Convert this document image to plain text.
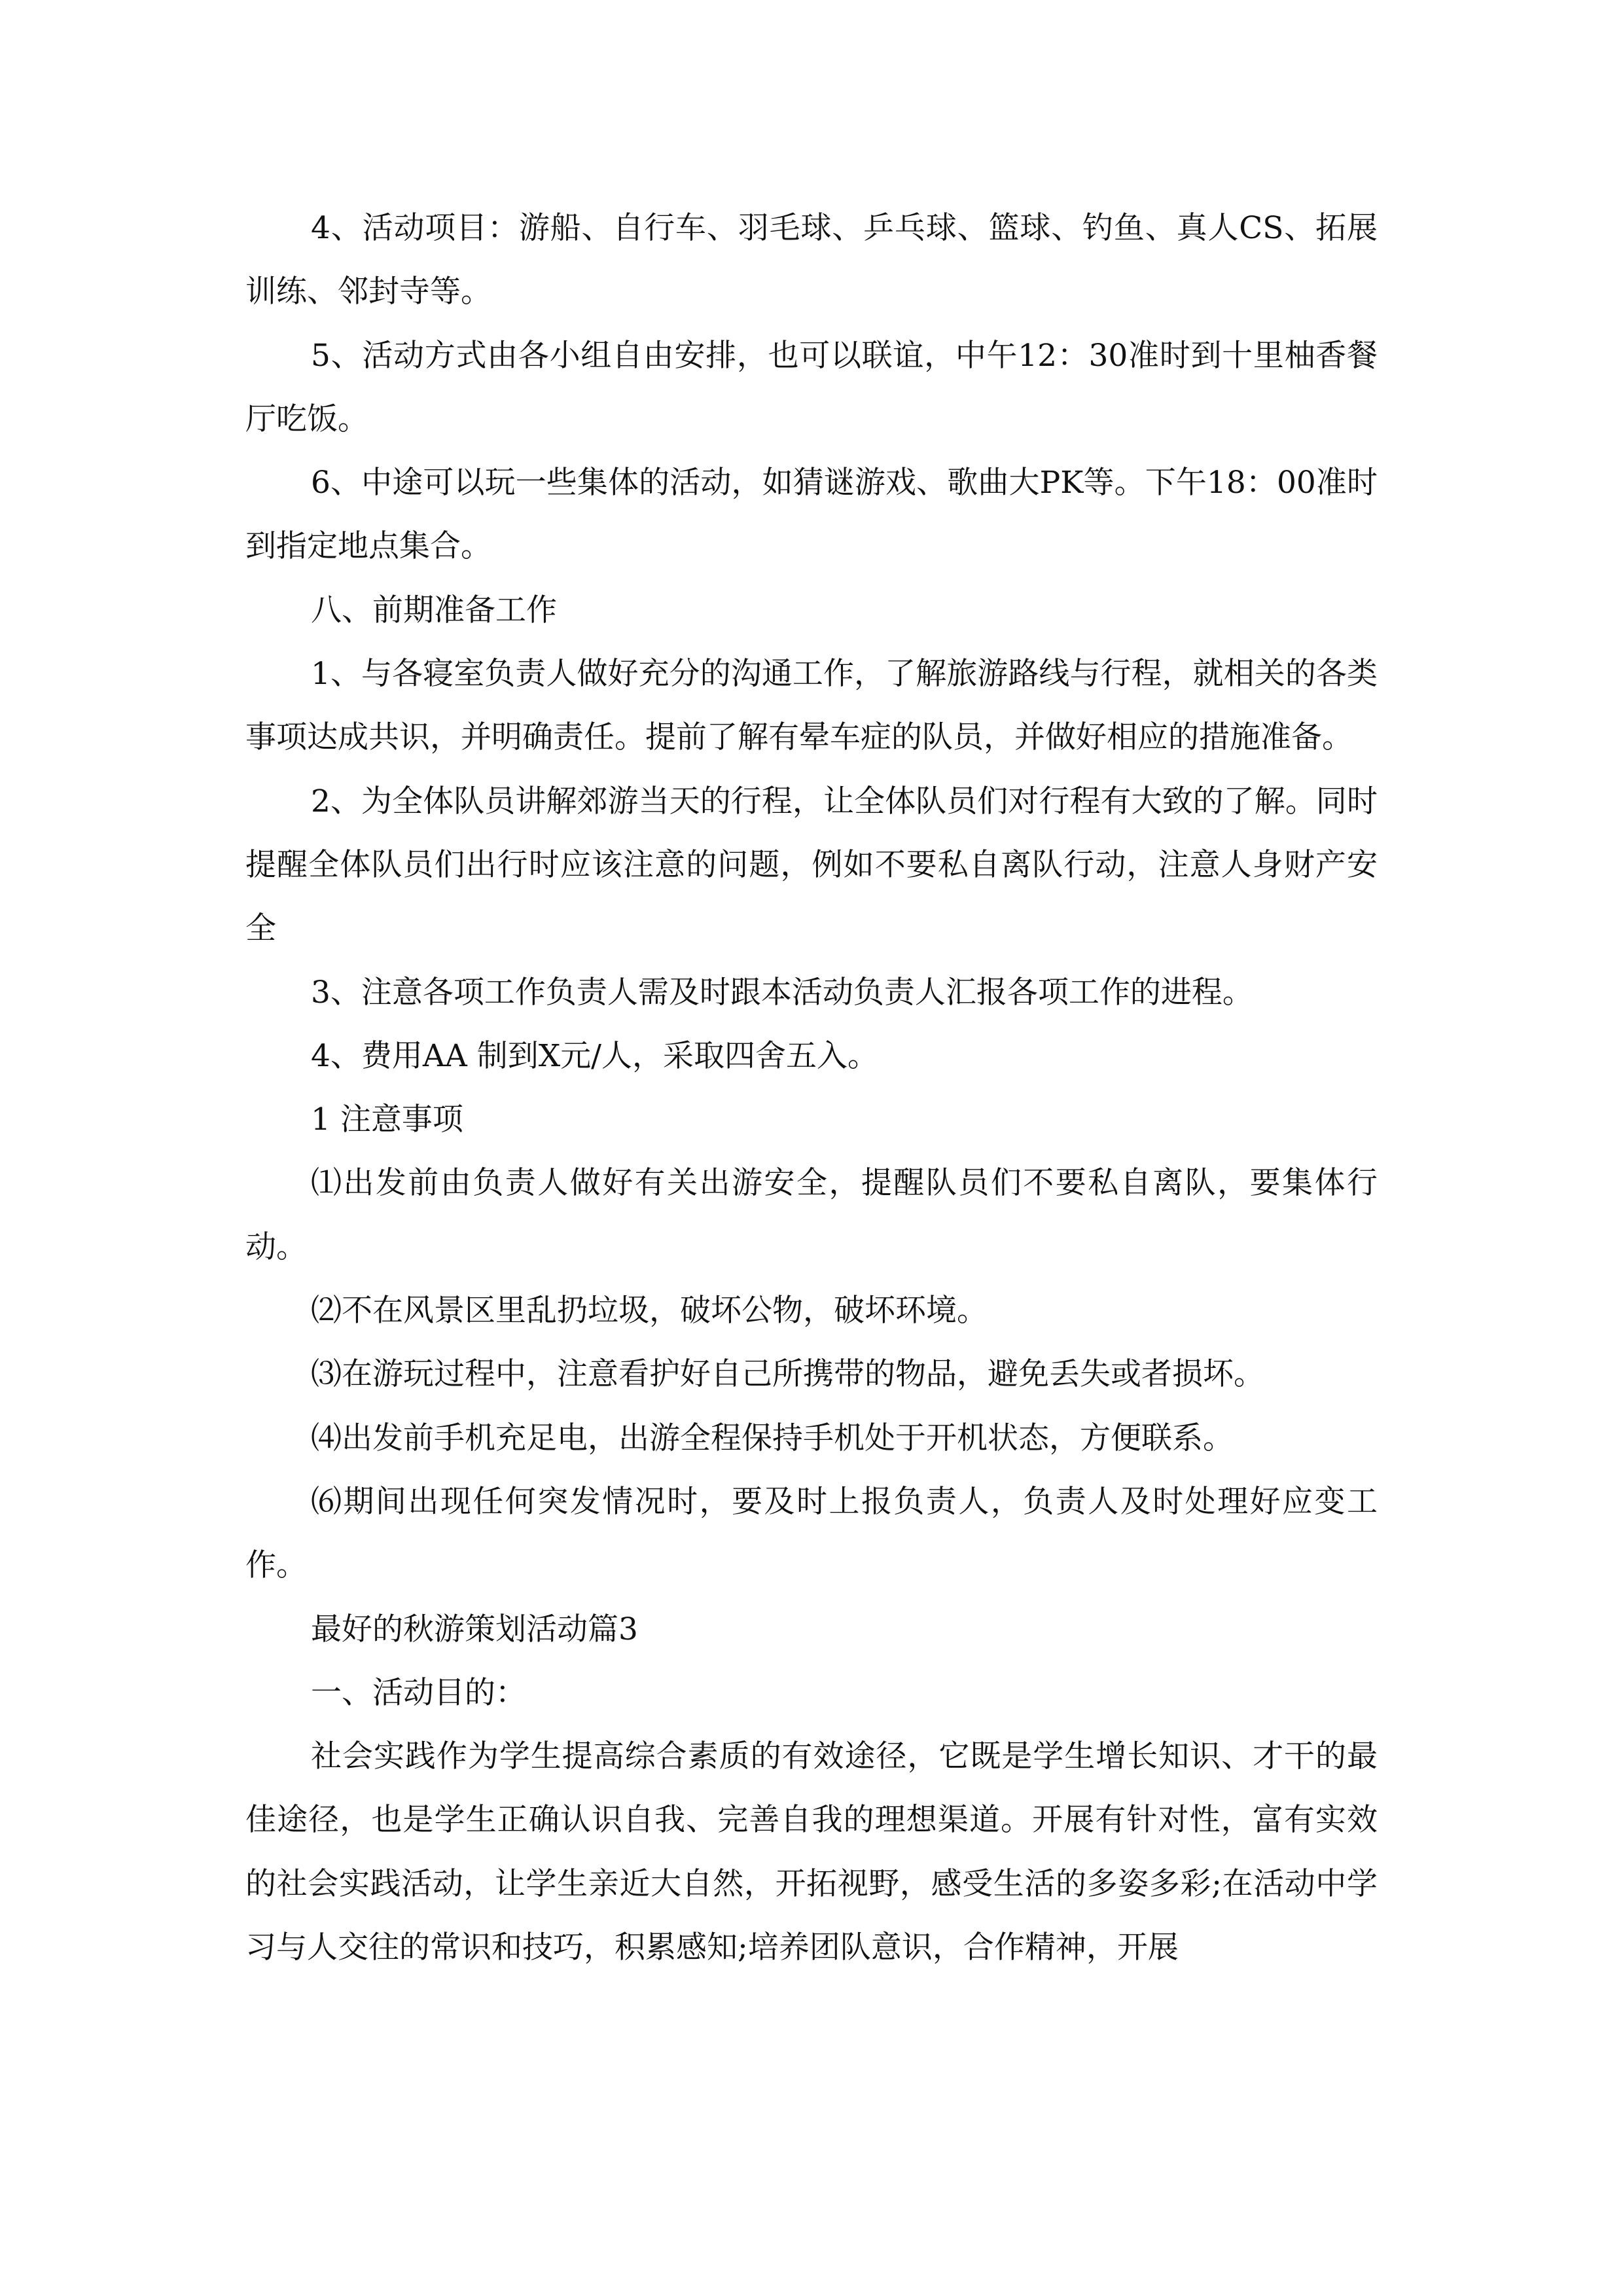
4、活动项目：游船、自行车、羽毛球、乒乓球、篮球、钓鱼、真人CS、拓展训练、邻封寺等。

5、活动方式由各小组自由安排，也可以联谊，中午12：30准时到十里柚香餐厅吃饭。

6、中途可以玩一些集体的活动，如猜谜游戏、歌曲大PK等。下午18：00准时到指定地点集合。

八、前期准备工作

1、与各寝室负责人做好充分的沟通工作，了解旅游路线与行程，就相关的各类事项达成共识，并明确责任。提前了解有晕车症的队员，并做好相应的措施准备。

2、为全体队员讲解郊游当天的行程，让全体队员们对行程有大致的了解。同时提醒全体队员们出行时应该注意的问题，例如不要私自离队行动，注意人身财产安全

3、注意各项工作负责人需及时跟本活动负责人汇报各项工作的进程。

4、费用AA 制到X元/人，采取四舍五入。

1 注意事项

⑴出发前由负责人做好有关出游安全，提醒队员们不要私自离队，要集体行动。

⑵不在风景区里乱扔垃圾，破坏公物，破坏环境。

⑶在游玩过程中，注意看护好自己所携带的物品，避免丢失或者损坏。

⑷出发前手机充足电，出游全程保持手机处于开机状态，方便联系。

⑹期间出现任何突发情况时，要及时上报负责人，负责人及时处理好应变工作。

最好的秋游策划活动篇3

一、活动目的：

社会实践作为学生提高综合素质的有效途径，它既是学生增长知识、才干的最佳途径，也是学生正确认识自我、完善自我的理想渠道。开展有针对性，富有实效的社会实践活动，让学生亲近大自然，开拓视野，感受生活的多姿多彩;在活动中学习与人交往的常识和技巧，积累感知;培养团队意识，合作精神，开展
